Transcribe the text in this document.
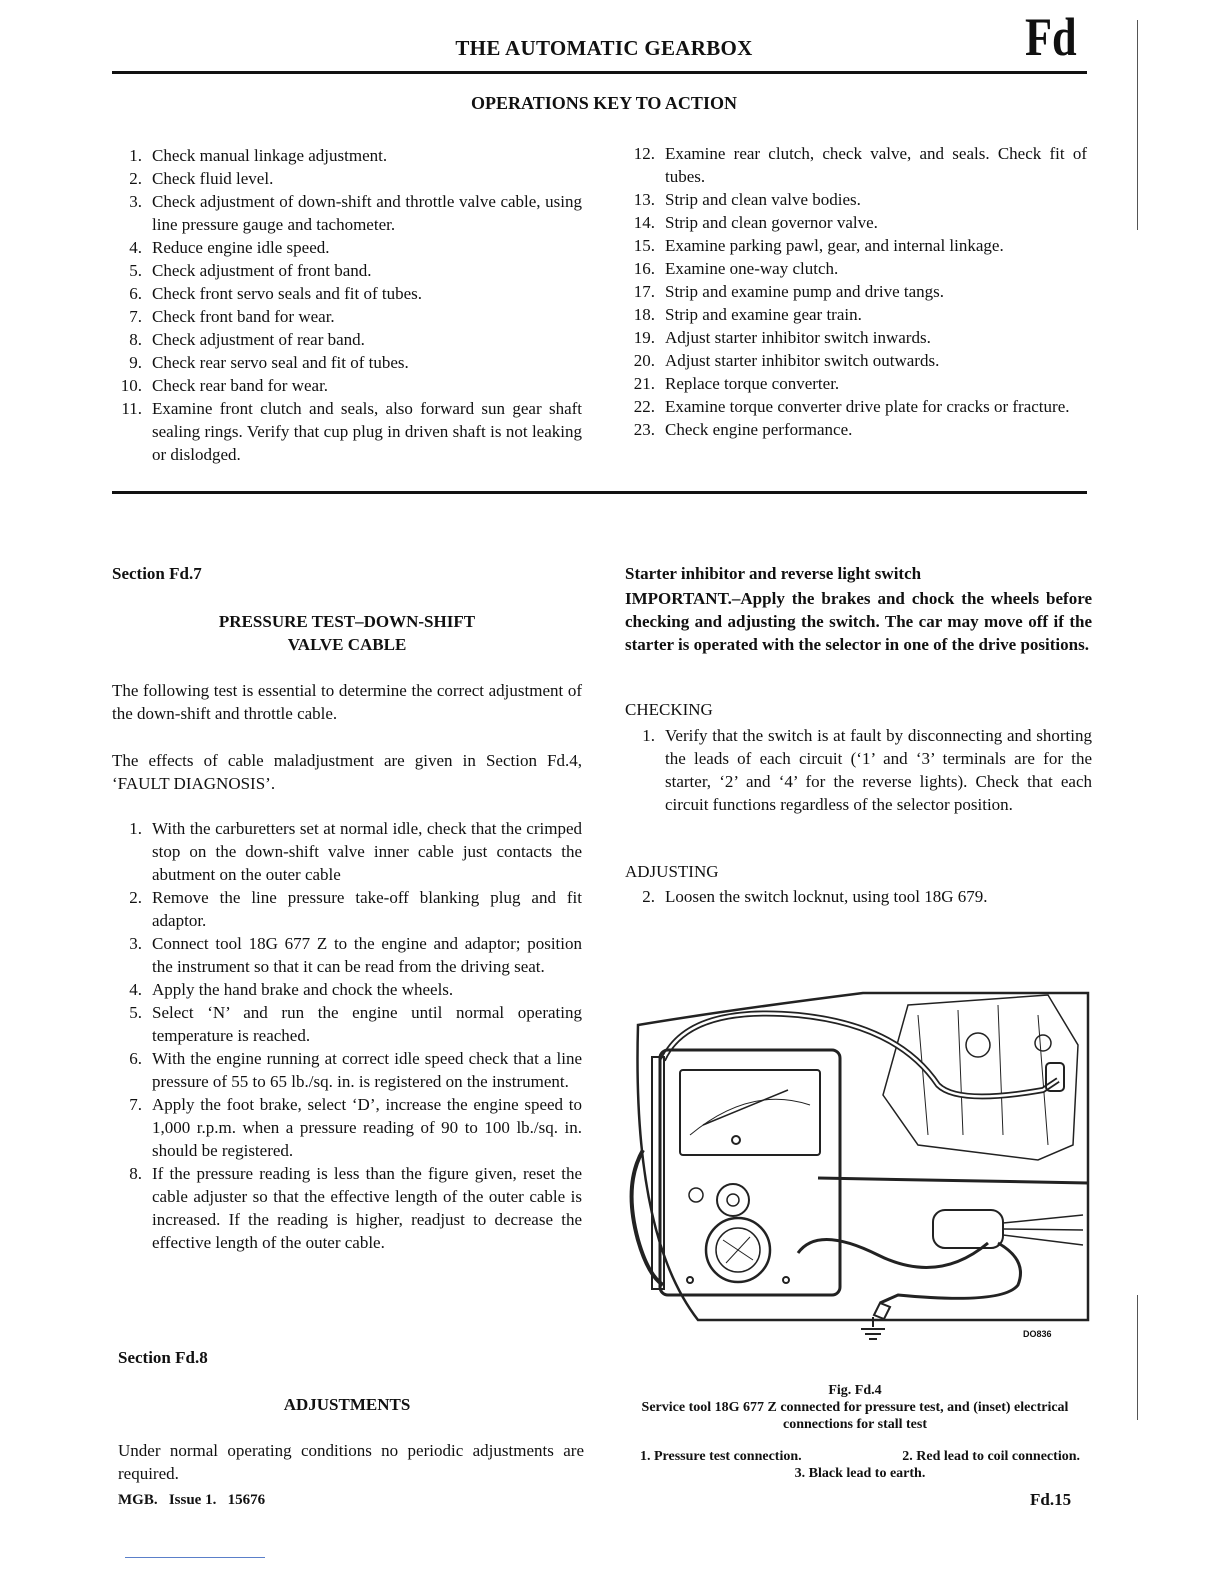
THE AUTOMATIC GEARBOX	Fd
OPERATIONS KEY TO ACTION
1. Check manual linkage adjustment.
2. Check fluid level.
3. Check adjustment of down-shift and throttle valve cable, using line pressure gauge and tachometer.
4. Reduce engine idle speed.
5. Check adjustment of front band.
6. Check front servo seals and fit of tubes.
7. Check front band for wear.
8. Check adjustment of rear band.
9. Check rear servo seal and fit of tubes.
10. Check rear band for wear.
11. Examine front clutch and seals, also forward sun gear shaft sealing rings. Verify that cup plug in driven shaft is not leaking or dislodged.
12. Examine rear clutch, check valve, and seals. Check fit of tubes.
13. Strip and clean valve bodies.
14. Strip and clean governor valve.
15. Examine parking pawl, gear, and internal linkage.
16. Examine one-way clutch.
17. Strip and examine pump and drive tangs.
18. Strip and examine gear train.
19. Adjust starter inhibitor switch inwards.
20. Adjust starter inhibitor switch outwards.
21. Replace torque converter.
22. Examine torque converter drive plate for cracks or fracture.
23. Check engine performance.
Section Fd.7
PRESSURE TEST–DOWN-SHIFT
VALVE CABLE
The following test is essential to determine the correct adjustment of the down-shift and throttle cable.
The effects of cable maladjustment are given in Section Fd.4, ‘FAULT DIAGNOSIS’.
1. With the carburetters set at normal idle, check that the crimped stop on the down-shift valve inner cable just contacts the abutment on the outer cable
2. Remove the line pressure take-off blanking plug and fit adaptor.
3. Connect tool 18G 677 Z to the engine and adaptor; position the instrument so that it can be read from the driving seat.
4. Apply the hand brake and chock the wheels.
5. Select ‘N’ and run the engine until normal operating temperature is reached.
6. With the engine running at correct idle speed check that a line pressure of 55 to 65 lb./sq. in. is registered on the instrument.
7. Apply the foot brake, select ‘D’, increase the engine speed to 1,000 r.p.m. when a pressure reading of 90 to 100 lb./sq. in. should be registered.
8. If the pressure reading is less than the figure given, reset the cable adjuster so that the effective length of the outer cable is increased. If the reading is higher, readjust to decrease the effective length of the outer cable.
Section Fd.8
ADJUSTMENTS
Under normal operating conditions no periodic adjustments are required.
Starter inhibitor and reverse light switch
IMPORTANT.–Apply the brakes and chock the wheels before checking and adjusting the switch. The car may move off if the starter is operated with the selector in one of the drive positions.
CHECKING
1. Verify that the switch is at fault by disconnecting and shorting the leads of each circuit (‘1’ and ‘3’ terminals are for the starter, ‘2’ and ‘4’ for the reverse lights). Check that each circuit functions regardless of the selector position.
ADJUSTING
2. Loosen the switch locknut, using tool 18G 679.
DO836
Fig. Fd.4
Service tool 18G 677 Z connected for pressure test, and (inset) electrical connections for stall test
1. Pressure test connection.	2. Red lead to coil connection.
3. Black lead to earth.
MGB.   Issue 1.   15676	Fd.15
